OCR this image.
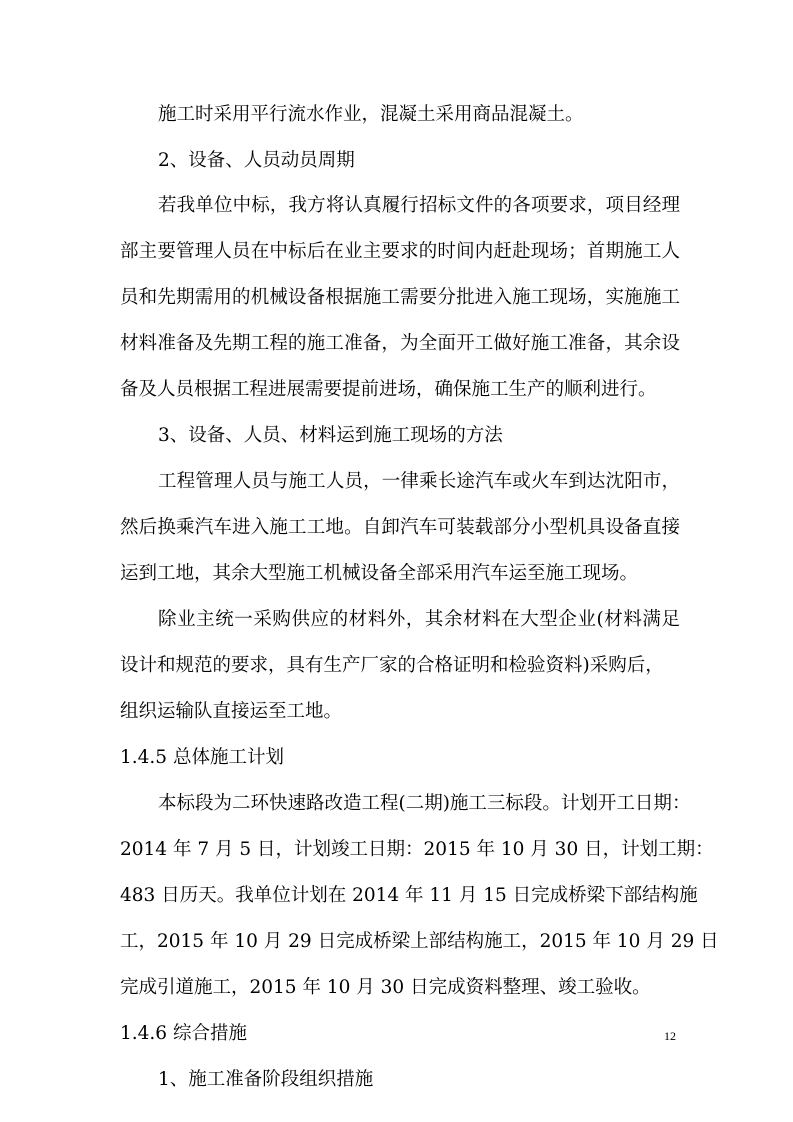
施工时采用平行流水作业，混凝土采用商品混凝土。
2、设备、人员动员周期
若我单位中标，我方将认真履行招标文件的各项要求，项目经理
部主要管理人员在中标后在业主要求的时间内赶赴现场；首期施工人
员和先期需用的机械设备根据施工需要分批进入施工现场，实施施工
材料准备及先期工程的施工准备，为全面开工做好施工准备，其余设
备及人员根据工程进展需要提前进场，确保施工生产的顺利进行。
3、设备、人员、材料运到施工现场的方法
工程管理人员与施工人员，一律乘长途汽车或火车到达沈阳市，
然后换乘汽车进入施工工地。自卸汽车可装载部分小型机具设备直接
运到工地，其余大型施工机械设备全部采用汽车运至施工现场。
除业主统一采购供应的材料外，其余材料在大型企业(材料满足
设计和规范的要求，具有生产厂家的合格证明和检验资料)采购后，
组织运输队直接运至工地。
1.4.5 总体施工计划
本标段为二环快速路改造工程(二期)施工三标段。计划开工日期：
2014 年 7 月 5 日，计划竣工日期：2015 年 10 月 30 日，计划工期：
483 日历天。我单位计划在 2014 年 11 月 15 日完成桥梁下部结构施
工，2015 年 10 月 29 日完成桥梁上部结构施工，2015 年 10 月 29 日
完成引道施工，2015 年 10 月 30 日完成资料整理、竣工验收。
1.4.6 综合措施
1、施工准备阶段组织措施
12
